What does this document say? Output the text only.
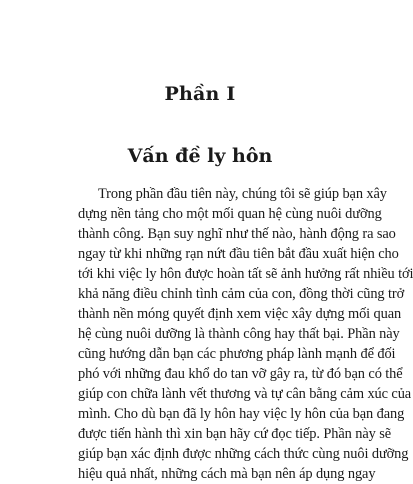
Phần I
Vấn đề ly hôn

Trong phần đầu tiên này, chúng tôi sẽ giúp bạn xây
dựng nền tảng cho một mối quan hệ cùng nuôi dưỡng
thành công. Bạn suy nghĩ như thế nào, hành động ra sao
ngay từ khi những rạn nứt đầu tiên bắt đầu xuất hiện cho
tới khi việc ly hôn được hoàn tất sẽ ảnh hưởng rất nhiều tới
khả năng điều chỉnh tình cảm của con, đồng thời cũng trở
thành nền móng quyết định xem việc xây dựng mối quan
hệ cùng nuôi dưỡng là thành công hay thất bại. Phần này
cũng hướng dẫn bạn các phương pháp lành mạnh để đối
phó với những đau khổ do tan vỡ gây ra, từ đó bạn có thể
giúp con chữa lành vết thương và tự cân bằng cảm xúc của
mình. Cho dù bạn đã ly hôn hay việc ly hôn của bạn đang
được tiến hành thì xin bạn hãy cứ đọc tiếp. Phần này sẽ
giúp bạn xác định được những cách thức cùng nuôi dưỡng
hiệu quả nhất, những cách mà bạn nên áp dụng ngay
